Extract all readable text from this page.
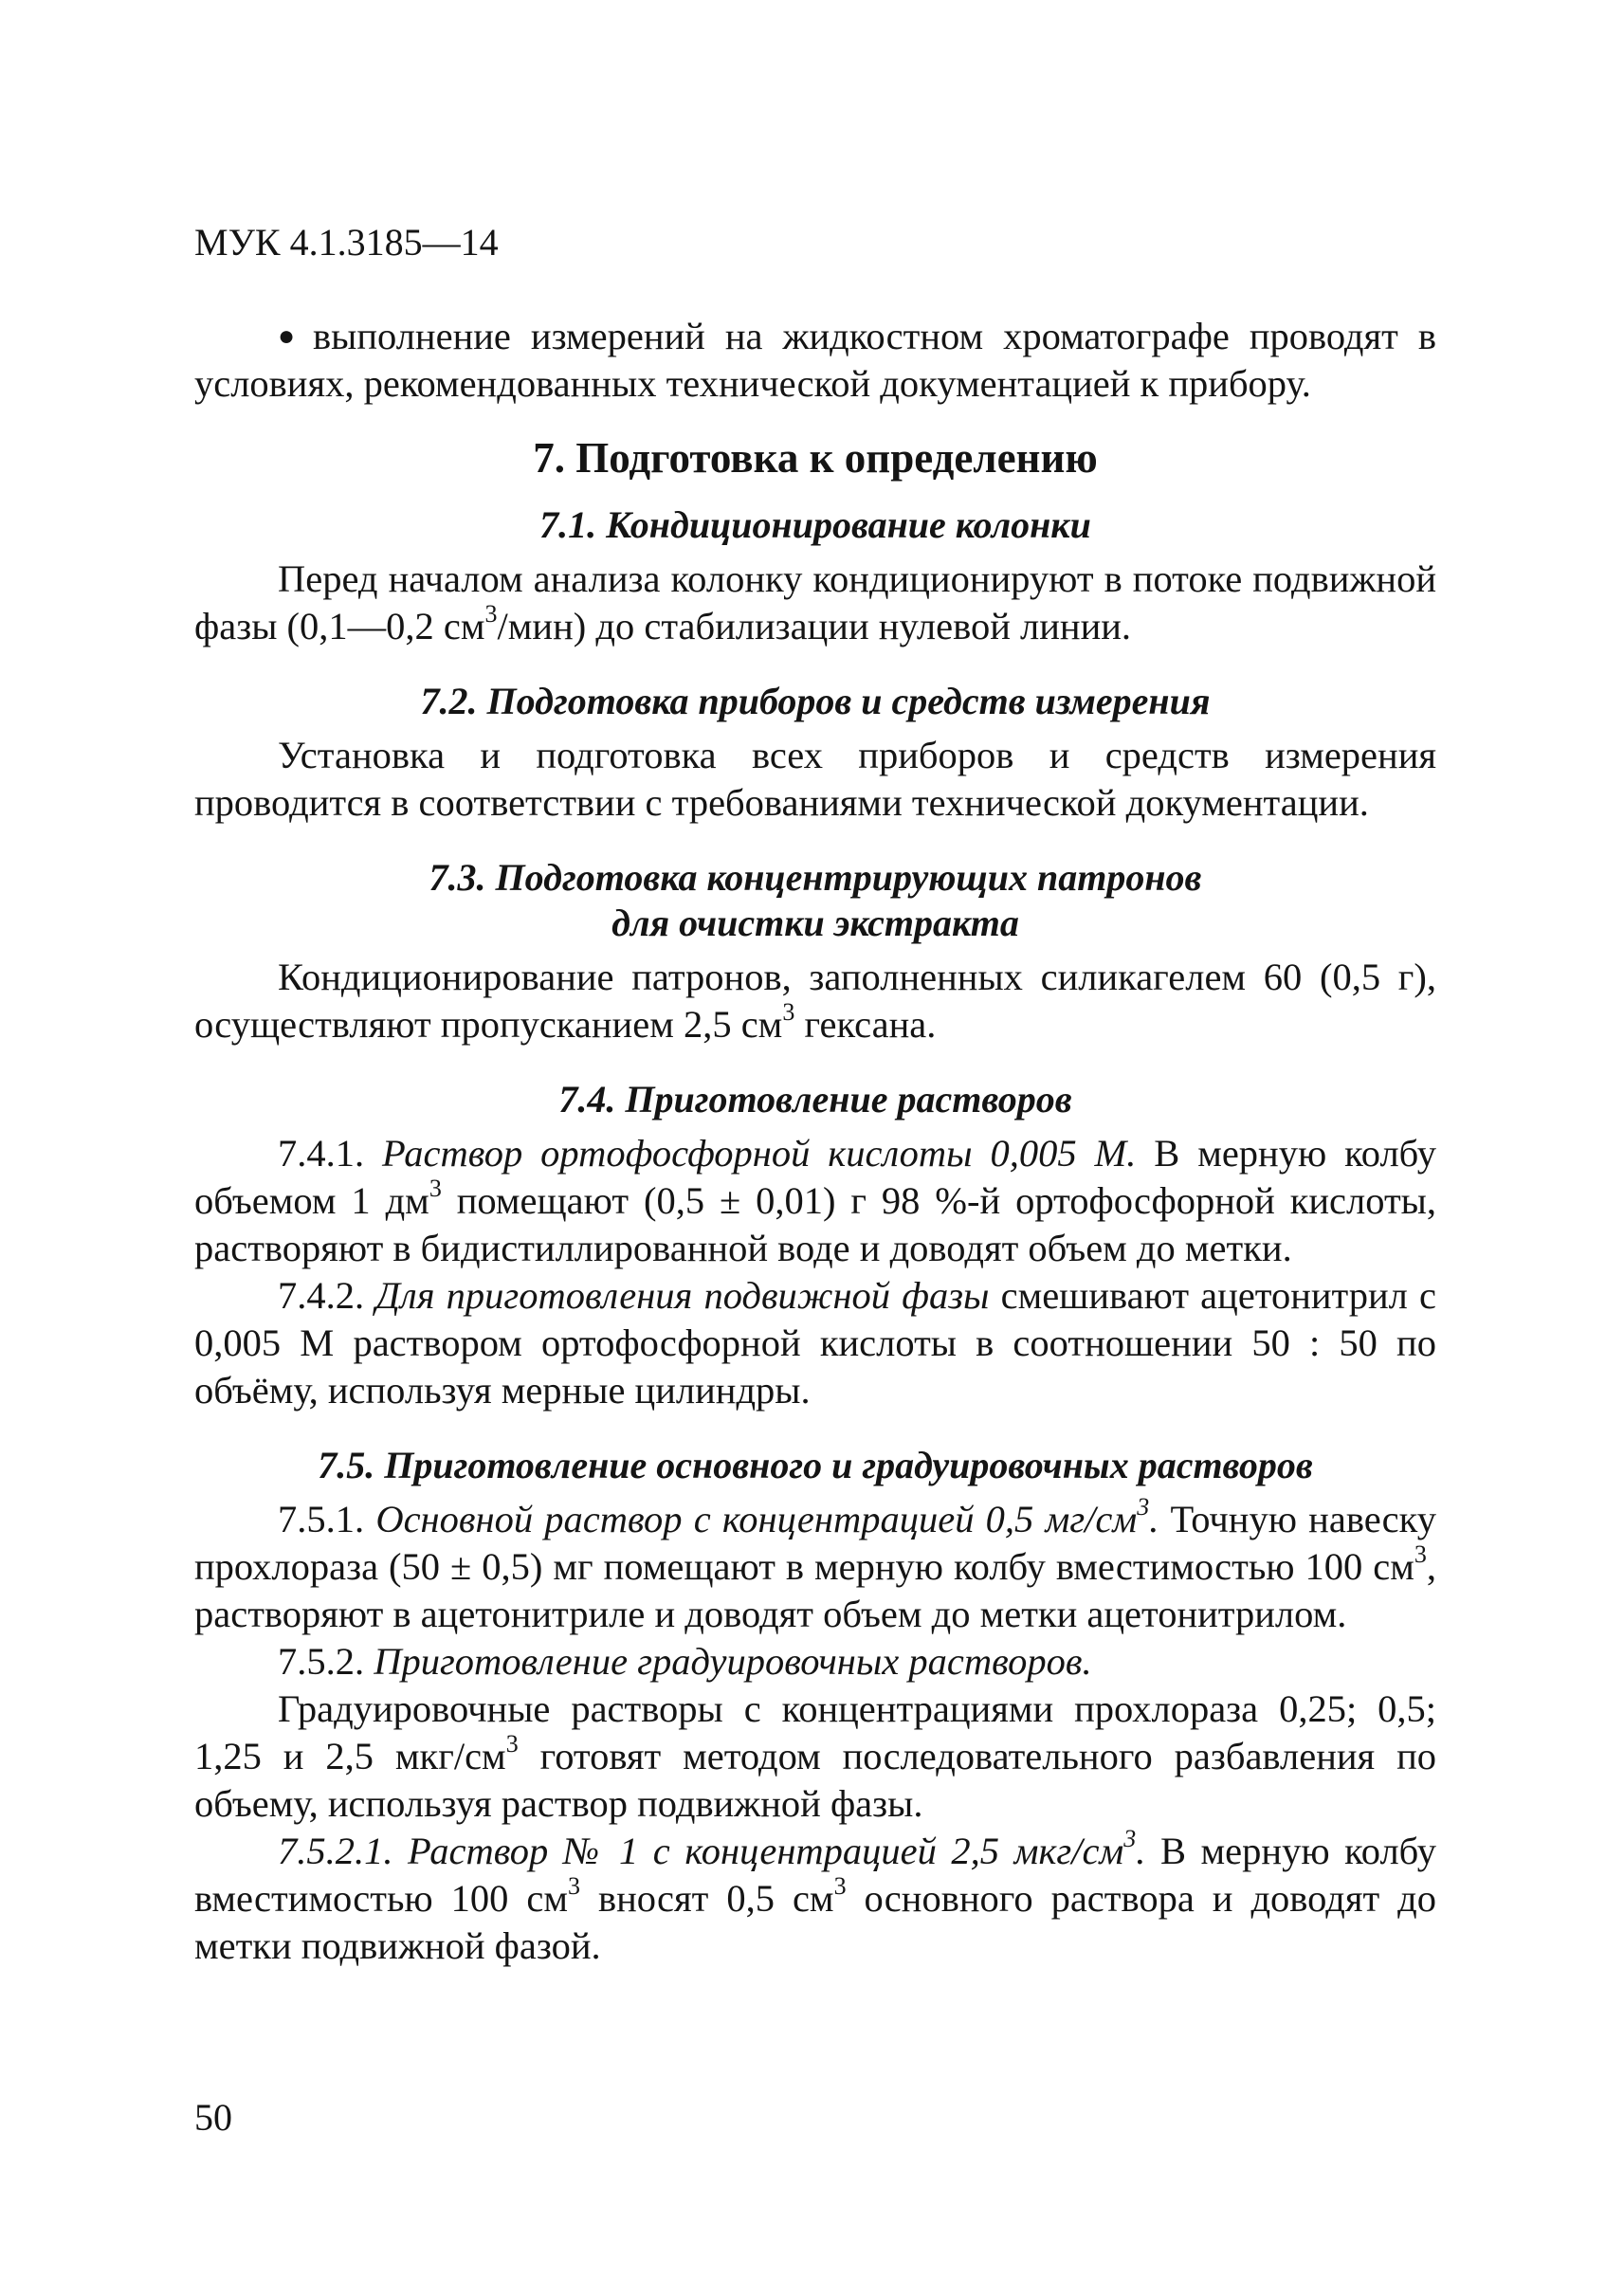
МУК 4.1.3185—14

● выполнение измерений на жидкостном хроматографе проводят в условиях, рекомендованных технической документацией к прибору.

7. Подготовка к определению
7.1. Кондиционирование колонки

Перед началом анализа колонку кондиционируют в потоке подвижной фазы (0,1—0,2 $см^3/мин$) до стабилизации нулевой линии.

7.2. Подготовка приборов и средств измерения

Установка и подготовка всех приборов и средств измерения проводится в соответствии с требованиями технической документации.

7.3. Подготовка концентрирующих патронов
для очистки экстракта

Кондиционирование патронов, заполненных силикагелем 60 (0,5 г), осуществляют пропусканием 2,5 $см^3$ гексана.

7.4. Приготовление растворов

7.4.1. Раствор ортофосфорной кислоты 0,005 М. В мерную колбу объемом 1 $дм^3$ помещают (0,5 ± 0,01) г 98 %-й ортофосфорной кислоты, растворяют в бидистиллированной воде и доводят объем до метки.

7.4.2. Для приготовления подвижной фазы смешивают ацетонитрил с 0,005 М раствором ортофосфорной кислоты в соотношении 50 : 50 по объёму, используя мерные цилиндры.

7.5. Приготовление основного и градуировочных растворов

7.5.1. Основной раствор с концентрацией 0,5 $мг/см^3$. Точную навеску прохлораза (50 ± 0,5) мг помещают в мерную колбу вместимостью 100 $см^3$, растворяют в ацетонитриле и доводят объем до метки ацетонитрилом.

7.5.2. Приготовление градуировочных растворов.

Градуировочные растворы с концентрациями прохлораза 0,25; 0,5; 1,25 и 2,5 мкг/$см^3$ готовят методом последовательного разбавления по объему, используя раствор подвижной фазы.

7.5.2.1. Раствор № 1 с концентрацией 2,5 мкг/$см^3$. В мерную колбу вместимостью 100 $см^3$ вносят 0,5 $см^3$ основного раствора и доводят до метки подвижной фазой.

50
